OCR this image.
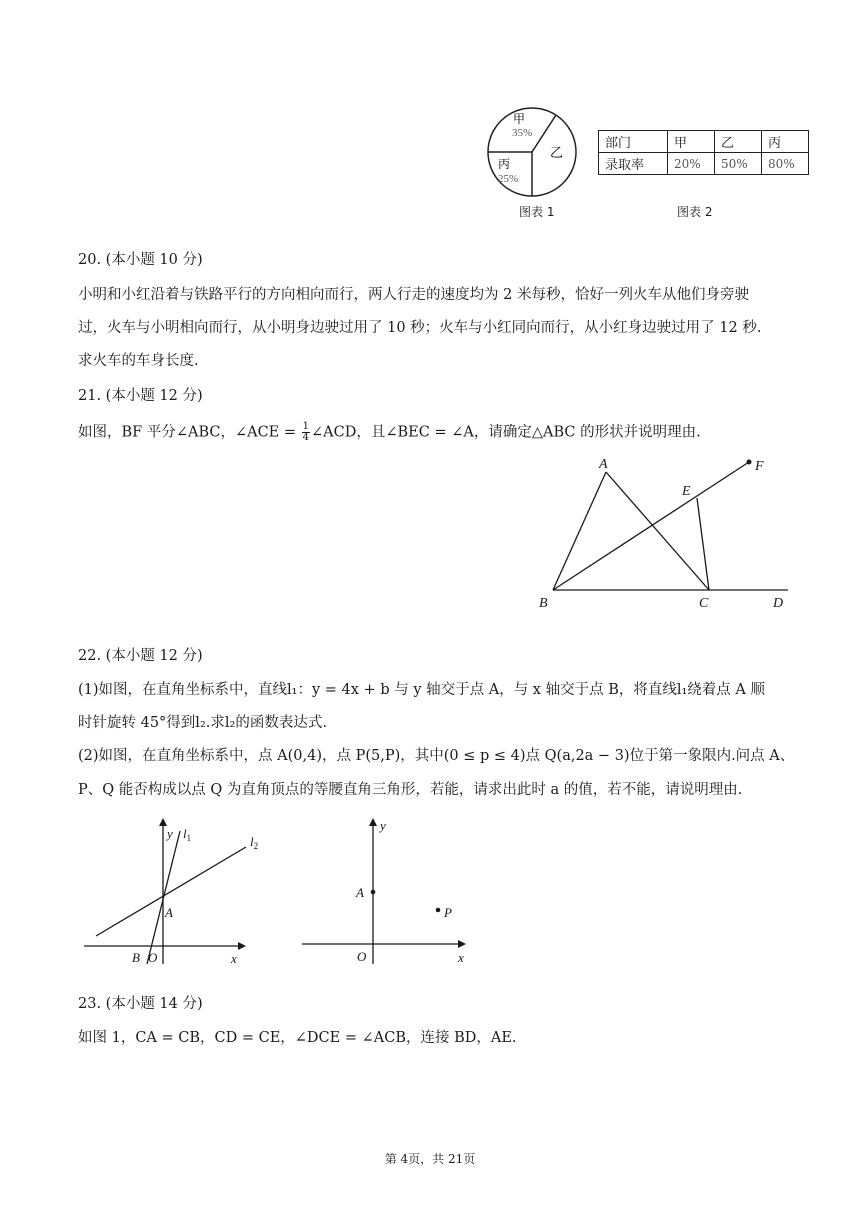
甲
35%
乙
丙
25%
图表 1
部门	甲	乙	丙
录取率	20%	50%	80%
图表 2
20. (本小题 10 分)
小明和小红沿着与铁路平行的方向相向而行，两人行走的速度均为 2 米每秒，恰好一列火车从他们身旁驶
过，火车与小明相向而行，从小明身边驶过用了 10 秒；火车与小红同向而行，从小红身边驶过用了 12 秒.
求火车的车身长度.
21. (本小题 12 分)
如图，BF 平分∠ABC，∠ACE = $\frac{1}{4}$ ∠ACD，且∠BEC = ∠A，请确定△ABC 的形状并说明理由.
A
E
F
B	C	D
22. (本小题 12 分)
(1)如图，在直角坐标系中，直线l₁：y = 4x + b 与 y 轴交于点 A，与 x 轴交于点 B，将直线l₁绕着点 A 顺
时针旋转 45°得到l₂.求l₂的函数表达式.
(2)如图，在直角坐标系中，点 A(0,4)，点 P(5,P)，其中(0 ≤ p ≤ 4)点 Q(a,2a − 3)位于第一象限内.问点 A、
P、Q 能否构成以点 Q 为直角顶点的等腰直角三角形，若能，请求出此时 a 的值，若不能，请说明理由.
y $l_1$	$l_2$
A
B O	x
y
A
P
O	x
23. (本小题 14 分)
如图 1，CA = CB，CD = CE，∠DCE = ∠ACB，连接 BD，AE.
第 4页，共 21页
